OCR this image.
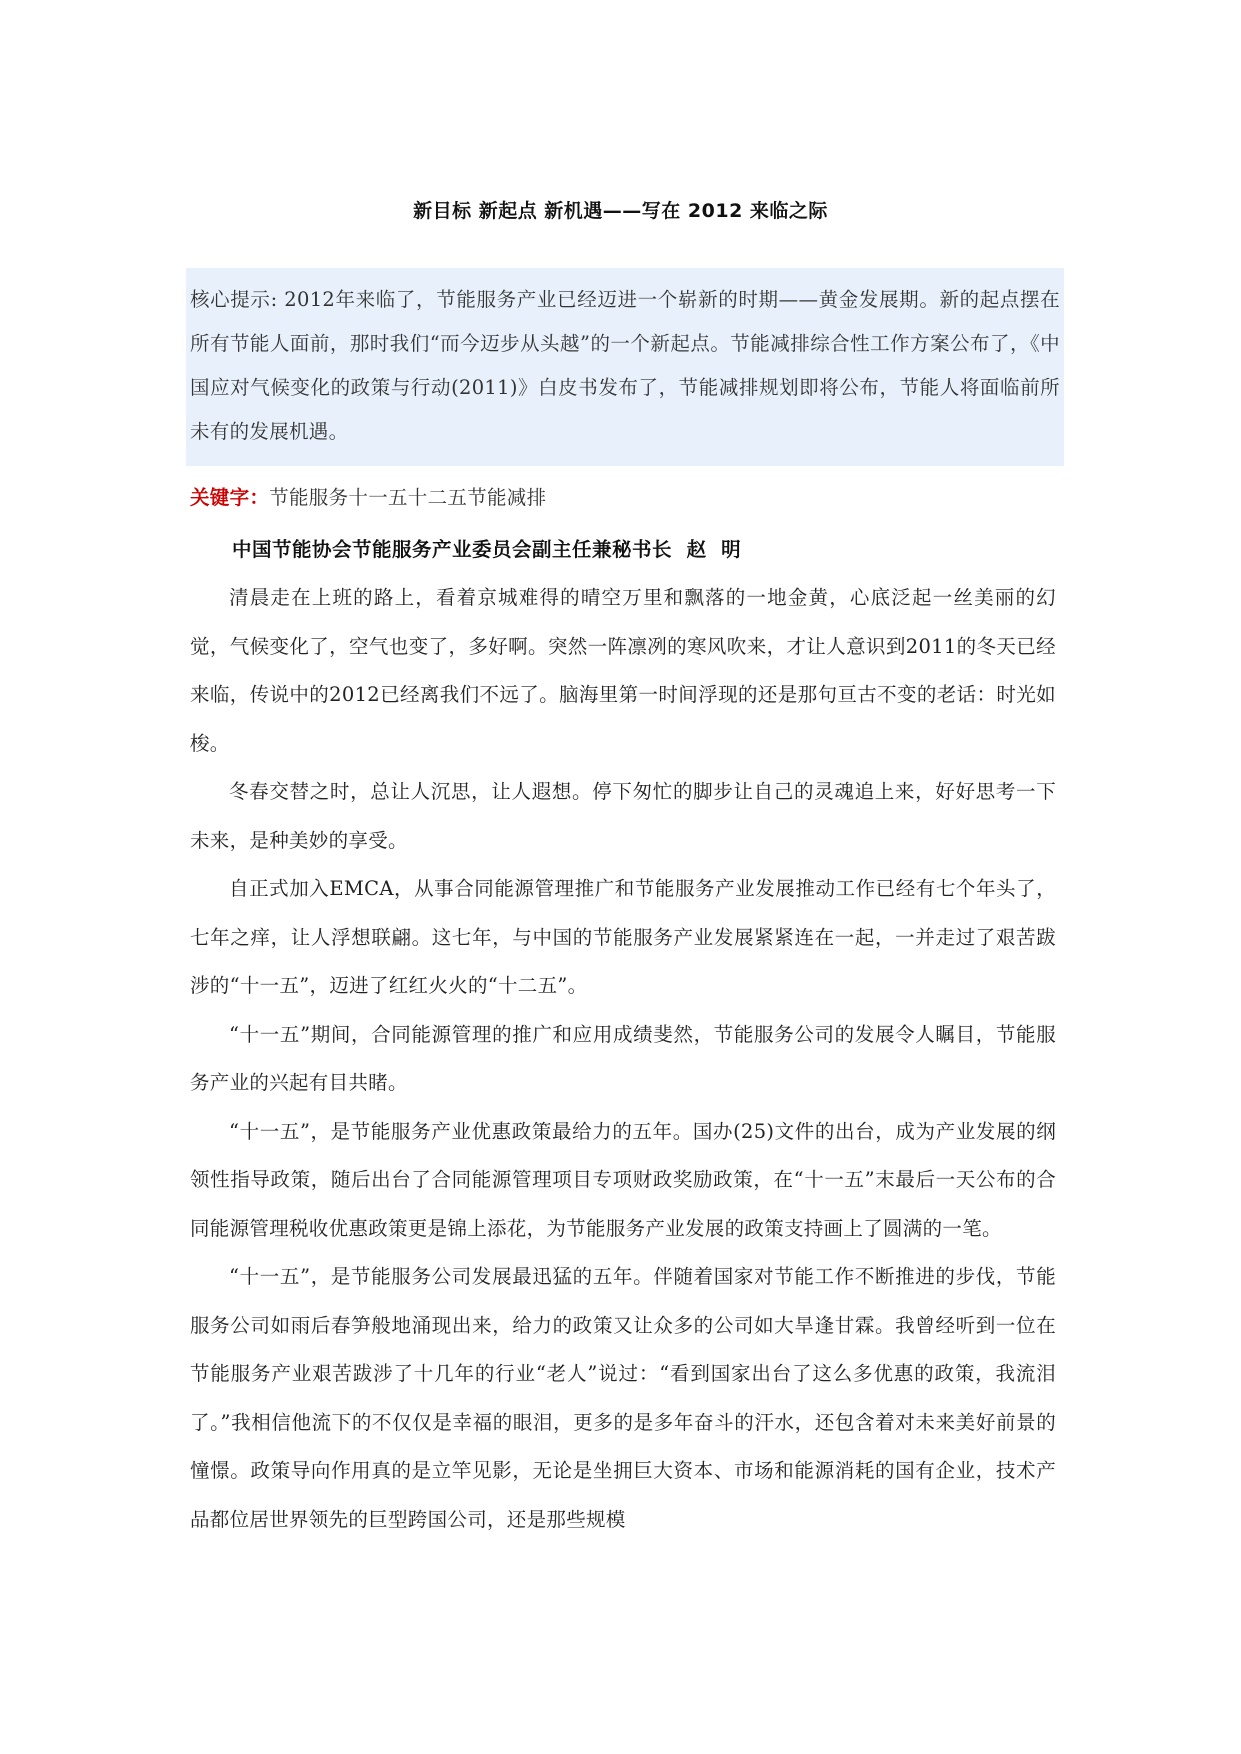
新目标 新起点 新机遇——写在 2012 来临之际

核心提示: 2012年来临了，节能服务产业已经迈进一个崭新的时期——黄金发展期。新的起点摆在所有节能人面前，那时我们“而今迈步从头越”的一个新起点。节能减排综合性工作方案公布了，《中国应对气候变化的政策与行动(2011)》白皮书发布了，节能减排规划即将公布，节能人将面临前所未有的发展机遇。

关键字：节能服务十一五十二五节能减排
中国节能协会节能服务产业委员会副主任兼秘书长  赵  明

清晨走在上班的路上，看着京城难得的晴空万里和飘落的一地金黄，心底泛起一丝美丽的幻觉，气候变化了，空气也变了，多好啊。突然一阵凛冽的寒风吹来，才让人意识到2011的冬天已经来临，传说中的2012已经离我们不远了。脑海里第一时间浮现的还是那句亘古不变的老话：时光如梭。

冬春交替之时，总让人沉思，让人遐想。停下匆忙的脚步让自己的灵魂追上来，好好思考一下未来，是种美妙的享受。

自正式加入EMCA，从事合同能源管理推广和节能服务产业发展推动工作已经有七个年头了，七年之痒，让人浮想联翩。这七年，与中国的节能服务产业发展紧紧连在一起，一并走过了艰苦跋涉的“十一五”，迈进了红红火火的“十二五”。

“十一五”期间，合同能源管理的推广和应用成绩斐然，节能服务公司的发展令人瞩目，节能服务产业的兴起有目共睹。

“十一五”，是节能服务产业优惠政策最给力的五年。国办(25)文件的出台，成为产业发展的纲领性指导政策，随后出台了合同能源管理项目专项财政奖励政策，在“十一五”末最后一天公布的合同能源管理税收优惠政策更是锦上添花，为节能服务产业发展的政策支持画上了圆满的一笔。

“十一五”，是节能服务公司发展最迅猛的五年。伴随着国家对节能工作不断推进的步伐，节能服务公司如雨后春笋般地涌现出来，给力的政策又让众多的公司如大旱逢甘霖。我曾经听到一位在节能服务产业艰苦跋涉了十几年的行业“老人”说过：“看到国家出台了这么多优惠的政策，我流泪了。”我相信他流下的不仅仅是幸福的眼泪，更多的是多年奋斗的汗水，还包含着对未来美好前景的憧憬。政策导向作用真的是立竿见影，无论是坐拥巨大资本、市场和能源消耗的国有企业，技术产品都位居世界领先的巨型跨国公司，还是那些规模
